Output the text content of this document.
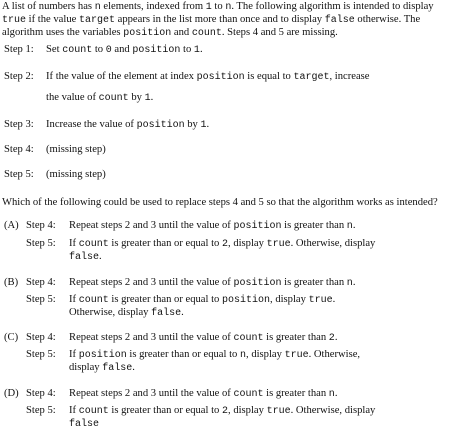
A list of numbers has n elements, indexed from 1 to n. The following algorithm is intended to display
true if the value target appears in the list more than once and to display false otherwise. The
algorithm uses the variables position and count. Steps 4 and 5 are missing.
Step 1: Set count to 0 and position to 1.
Step 2: If the value of the element at index position is equal to target, increase
the value of count by 1.
Step 3: Increase the value of position by 1.
Step 4: (missing step)
Step 5: (missing step)
Which of the following could be used to replace steps 4 and 5 so that the algorithm works as intended?
(A) Step 4: Repeat steps 2 and 3 until the value of position is greater than n.
Step 5: If count is greater than or equal to 2, display true. Otherwise, display
false.
(B) Step 4: Repeat steps 2 and 3 until the value of position is greater than n.
Step 5: If count is greater than or equal to position, display true.
Otherwise, display false.
(C) Step 4: Repeat steps 2 and 3 until the value of count is greater than 2.
Step 5: If position is greater than or equal to n, display true. Otherwise,
display false.
(D) Step 4: Repeat steps 2 and 3 until the value of count is greater than n.
Step 5: If count is greater than or equal to 2, display true. Otherwise, display
false
